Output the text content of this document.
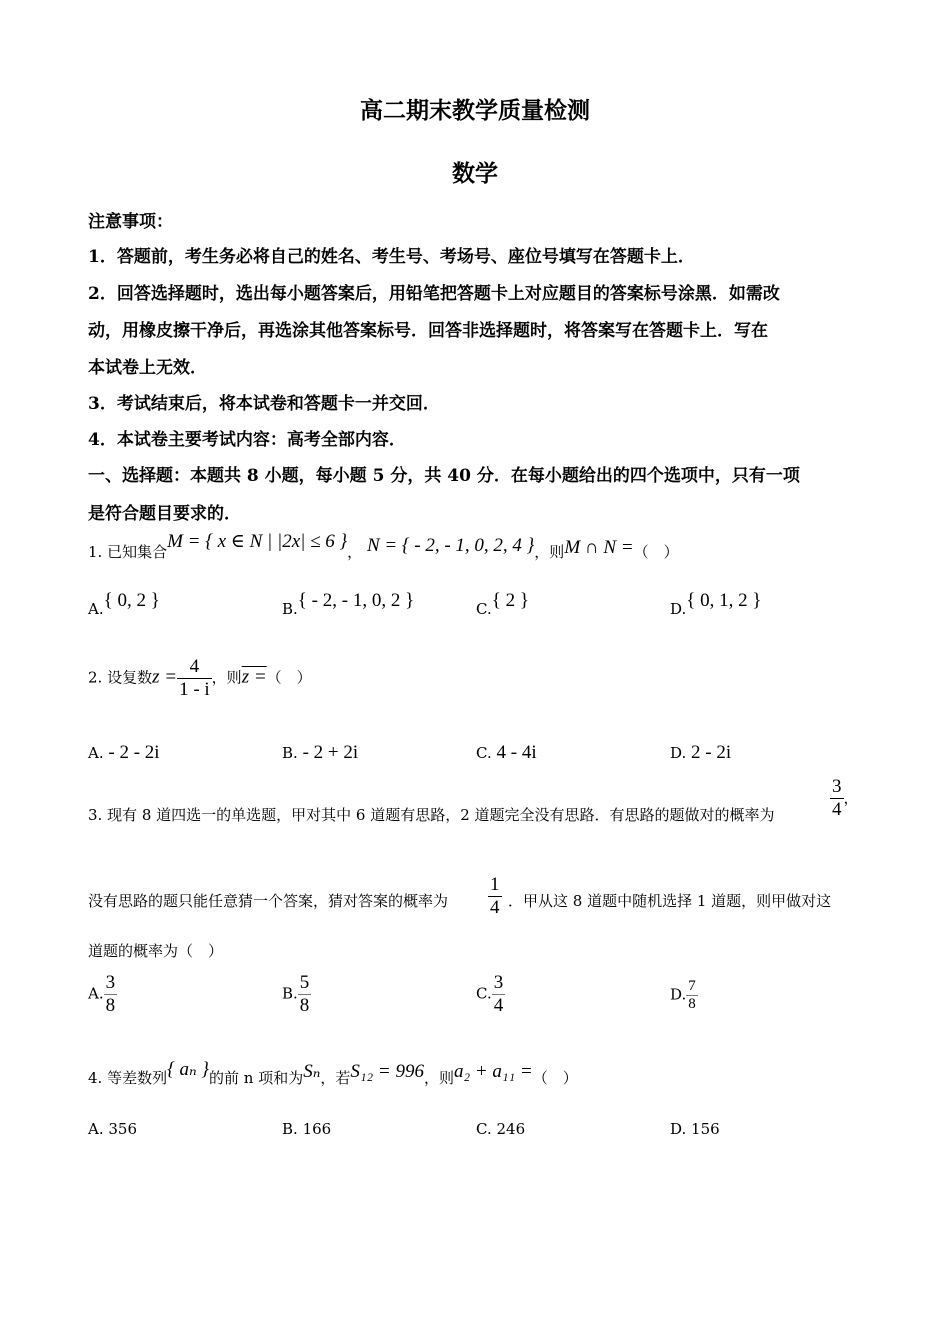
高二期末教学质量检测
数学
注意事项：
1．答题前，考生务必将自己的姓名、考生号、考场号、座位号填写在答题卡上．
2．回答选择题时，选出每小题答案后，用铅笔把答题卡上对应题目的答案标号涂黑．如需改
动，用橡皮擦干净后，再选涂其他答案标号．回答非选择题时，将答案写在答题卡上．写在
本试卷上无效．
3．考试结束后，将本试卷和答题卡一并交回．
4．本试卷主要考试内容：高考全部内容．
一、选择题：本题共 8 小题，每小题 5 分，共 40 分．在每小题给出的四个选项中，只有一项
是符合题目要求的．
1. 已知集合M = { x ∈ N | |2x| ≤ 6 }， N = { - 2, - 1, 0, 2, 4 }，则M ∩ N =（　）
A.{ 0, 2 }	B.{ - 2, - 1, 0, 2 }	C.{ 2 }	D.{ 0, 1, 2 }
2. 设复数$z = \frac{4}{1 - i}$ ，则z =（　）
A. - 2 - 2i	B. - 2 + 2i	C. 4 - 4i	D. 2 - 2i
3. 现有 8 道四选一的单选题，甲对其中 6 道题有思路，2 道题完全没有思路．有思路的题做对的概率为	$\frac{3}{4}$ ，
没有思路的题只能任意猜一个答案，猜对答案的概率为 $\frac{1}{4}$ ．甲从这 8 道题中随机选择 1 道题，则甲做对这
道题的概率为（　）
A. $\frac{3}{8}$	B. $\frac{5}{8}$	C. $\frac{3}{4}$	D. $\frac{7}{8}$
4. 等差数列{ aₙ }的前 n 项和为Sₙ，若S₁₂ = 996，则a₂ + a₁₁ =（　）
A. 356	B. 166	C. 246	D. 156
